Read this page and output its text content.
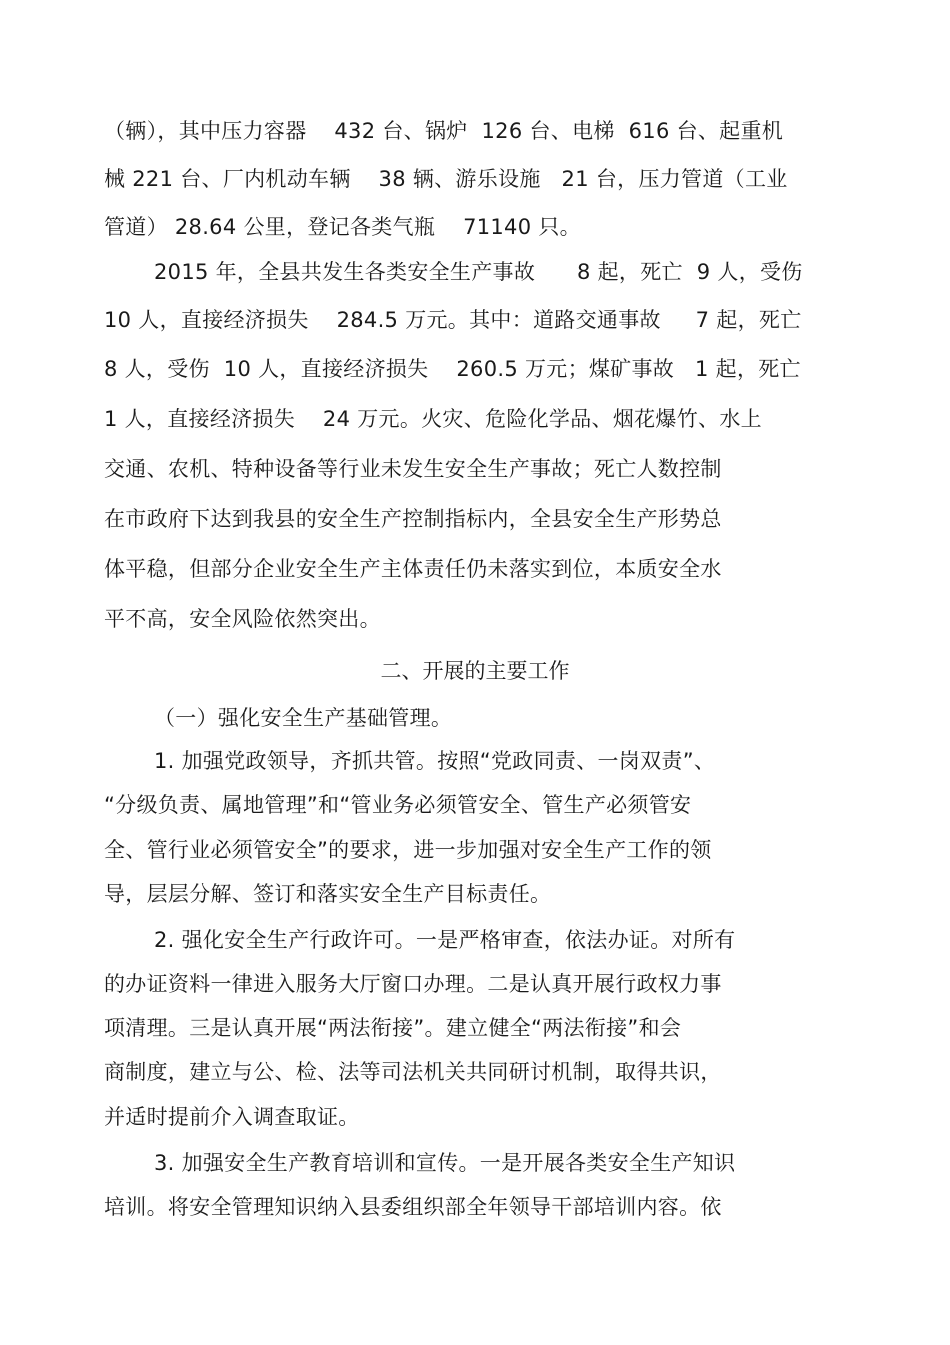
（辆），其中压力容器    432 台、锅炉  126 台、电梯  616 台、起重机
械 221 台、厂内机动车辆    38 辆、游乐设施   21 台，压力管道（工业
管道） 28.64 公里，登记各类气瓶    71140 只。
2015 年，全县共发生各类安全生产事故      8 起，死亡  9 人，受伤
10 人，直接经济损失    284.5 万元。其中：道路交通事故     7 起，死亡
8 人，受伤  10 人，直接经济损失    260.5 万元；煤矿事故   1 起，死亡
1 人，直接经济损失    24 万元。火灾、危险化学品、烟花爆竹、水上
交通、农机、特种设备等行业未发生安全生产事故；死亡人数控制
在市政府下达到我县的安全生产控制指标内，全县安全生产形势总
体平稳，但部分企业安全生产主体责任仍未落实到位，本质安全水
平不高，安全风险依然突出。
二、开展的主要工作
（一）强化安全生产基础管理。
1. 加强党政领导，齐抓共管。按照“党政同责、一岗双责”、
“分级负责、属地管理”和“管业务必须管安全、管生产必须管安
全、管行业必须管安全”的要求，进一步加强对安全生产工作的领
导，层层分解、签订和落实安全生产目标责任。
2. 强化安全生产行政许可。一是严格审查，依法办证。对所有
的办证资料一律进入服务大厅窗口办理。二是认真开展行政权力事
项清理。三是认真开展“两法衔接”。建立健全“两法衔接”和会
商制度，建立与公、检、法等司法机关共同研讨机制，取得共识，
并适时提前介入调查取证。
3. 加强安全生产教育培训和宣传。一是开展各类安全生产知识
培训。将安全管理知识纳入县委组织部全年领导干部培训内容。依
